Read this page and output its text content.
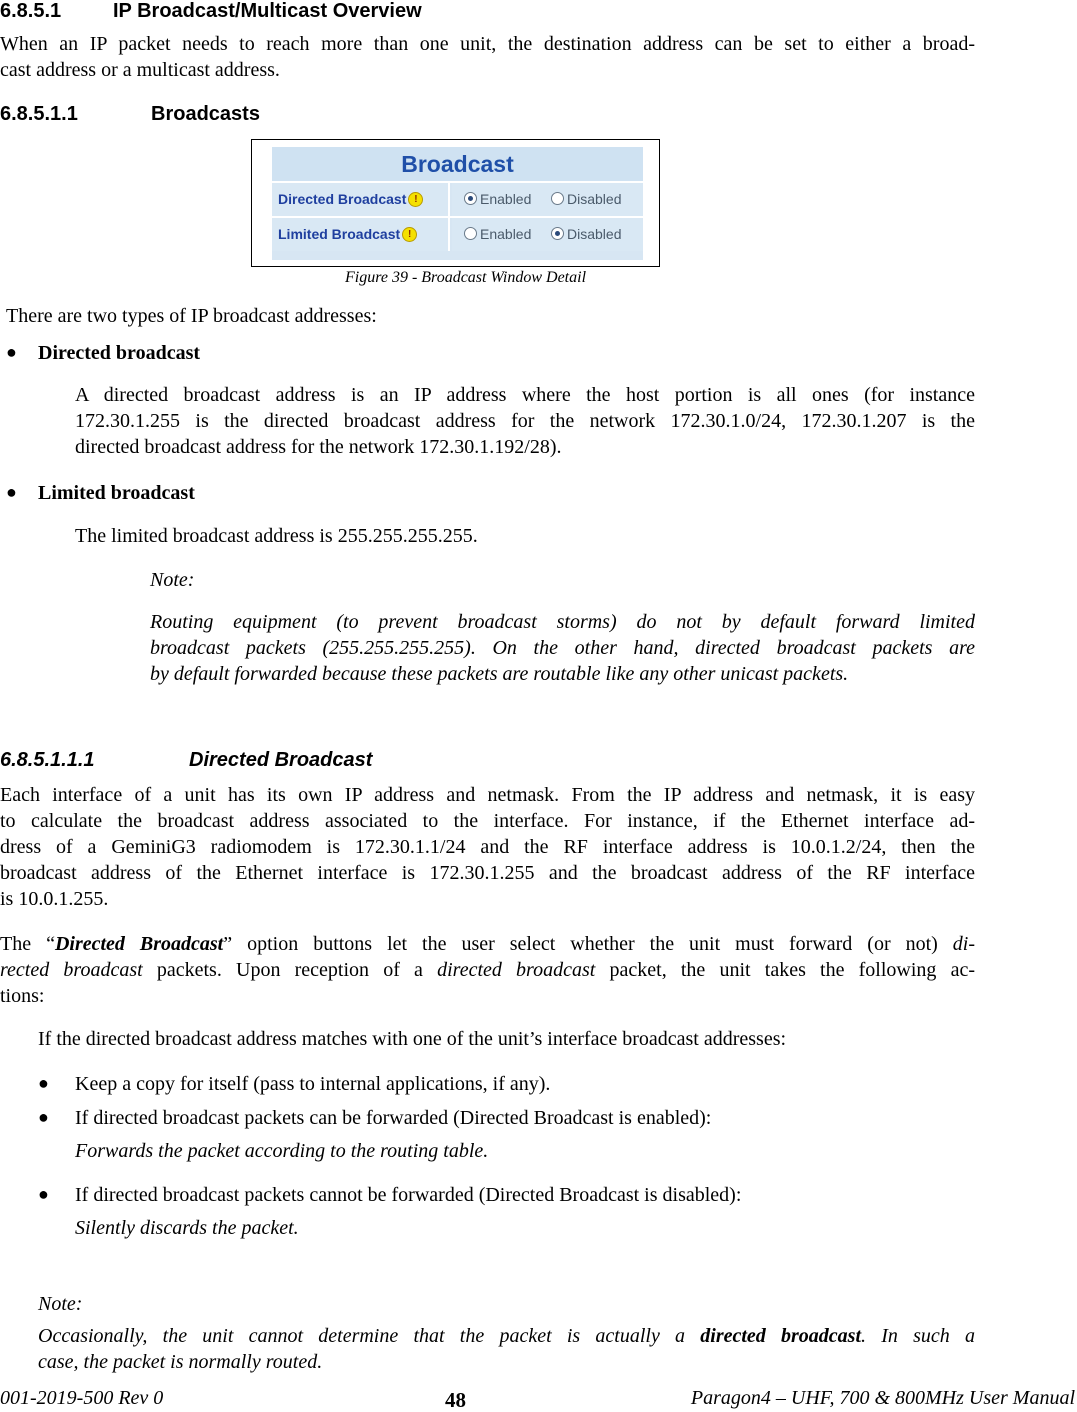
6.8.5.1	IP Broadcast/Multicast Overview
When an IP packet needs to reach more than one unit, the destination address can be set to either a broad-
cast address or a multicast address.
6.8.5.1.1	Broadcasts
Broadcast
Directed Broadcast !	Enabled	Disabled
Limited Broadcast !	Enabled	Disabled
Figure 39 - Broadcast Window Detail
There are two types of IP broadcast addresses:
● Directed broadcast
A directed broadcast address is an IP address where the host portion is all ones (for instance
172.30.1.255 is the directed broadcast address for the network 172.30.1.0/24, 172.30.1.207 is the
directed broadcast address for the network 172.30.1.192/28).
● Limited broadcast
The limited broadcast address is 255.255.255.255.
Note:
Routing equipment (to prevent broadcast storms) do not by default forward limited
broadcast packets (255.255.255.255). On the other hand, directed broadcast packets are
by default forwarded because these packets are routable like any other unicast packets.
6.8.5.1.1.1	Directed Broadcast
Each interface of a unit has its own IP address and netmask. From the IP address and netmask, it is easy
to calculate the broadcast address associated to the interface. For instance, if the Ethernet interface ad-
dress of a GeminiG3 radiomodem is 172.30.1.1/24 and the RF interface address is 10.0.1.2/24, then the
broadcast address of the Ethernet interface is 172.30.1.255 and the broadcast address of the RF interface
is 10.0.1.255.
The “Directed Broadcast” option buttons let the user select whether the unit must forward (or not) di-
rected broadcast packets. Upon reception of a directed broadcast packet, the unit takes the following ac-
tions:
If the directed broadcast address matches with one of the unit’s interface broadcast addresses:
● Keep a copy for itself (pass to internal applications, if any).
● If directed broadcast packets can be forwarded (Directed Broadcast is enabled):
Forwards the packet according to the routing table.
● If directed broadcast packets cannot be forwarded (Directed Broadcast is disabled):
Silently discards the packet.
Note:
Occasionally, the unit cannot determine that the packet is actually a directed broadcast. In such a
case, the packet is normally routed.
001-2019-500 Rev 0	48	Paragon4 – UHF, 700 & 800MHz User Manual
